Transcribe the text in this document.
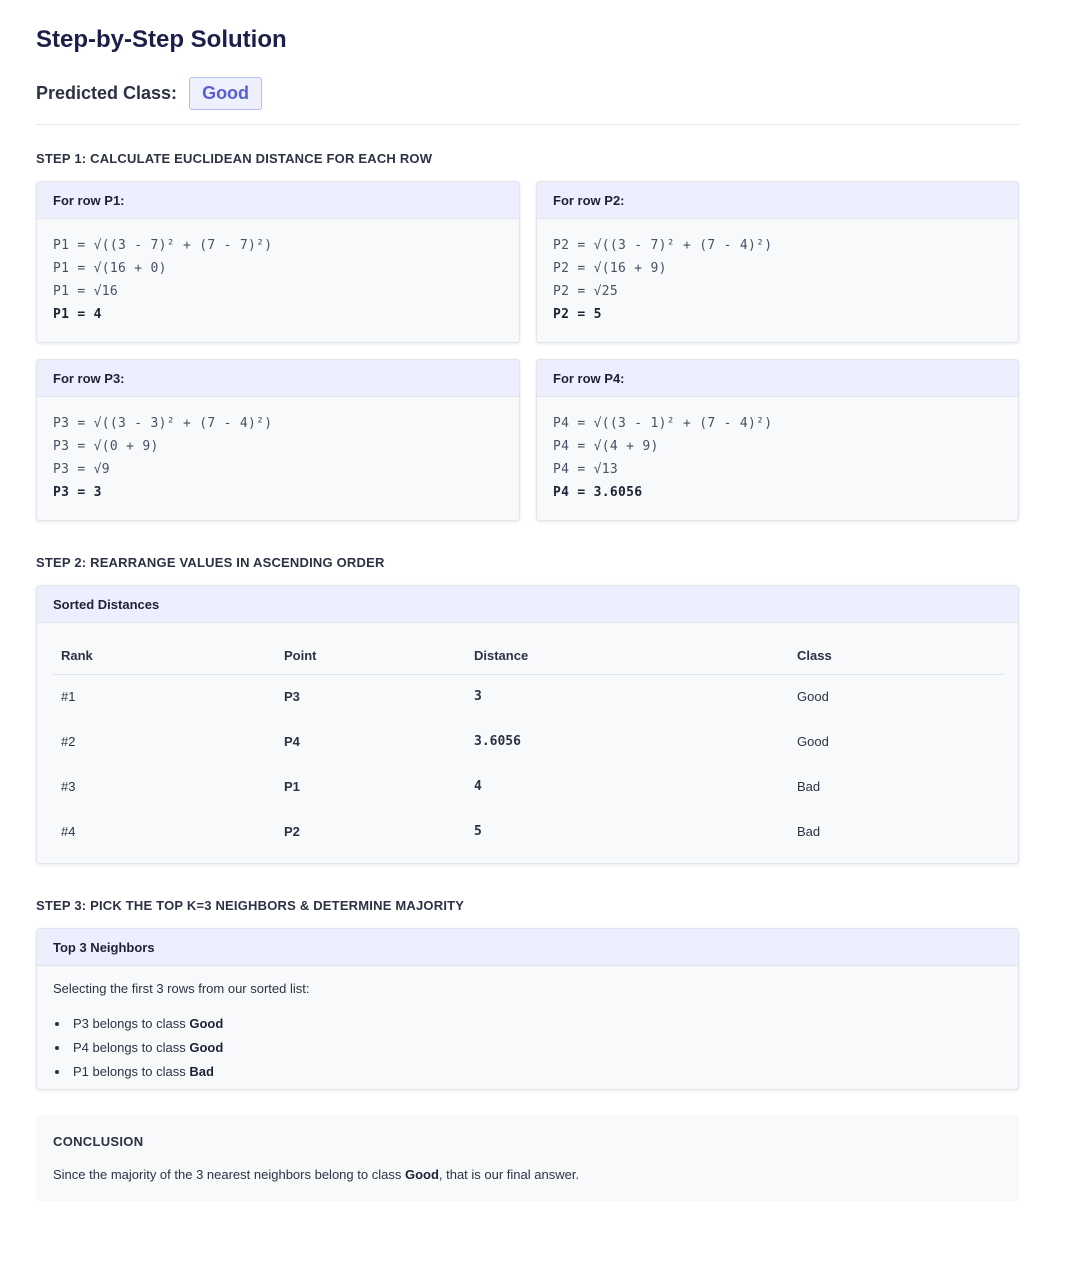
Step-by-Step Solution
Predicted Class:	Good
STEP 1: CALCULATE EUCLIDEAN DISTANCE FOR EACH ROW
For row P1:
P1 = √((3 - 7)² + (7 - 7)²)
P1 = √(16 + 0)
P1 = √16
P1 = 4
For row P2:
P2 = √((3 - 7)² + (7 - 4)²)
P2 = √(16 + 9)
P2 = √25
P2 = 5
For row P3:
P3 = √((3 - 3)² + (7 - 4)²)
P3 = √(0 + 9)
P3 = √9
P3 = 3
For row P4:
P4 = √((3 - 1)² + (7 - 4)²)
P4 = √(4 + 9)
P4 = √13
P4 = 3.6056
STEP 2: REARRANGE VALUES IN ASCENDING ORDER
Sorted Distances
Rank	Point	Distance	Class
#1	P3	3	Good
#2	P4	3.6056	Good
#3	P1	4	Bad
#4	P2	5	Bad
STEP 3: PICK THE TOP K=3 NEIGHBORS & DETERMINE MAJORITY
Top 3 Neighbors
Selecting the first 3 rows from our sorted list:
P3 belongs to class Good
P4 belongs to class Good
P1 belongs to class Bad
CONCLUSION
Since the majority of the 3 nearest neighbors belong to class Good, that is our final answer.
